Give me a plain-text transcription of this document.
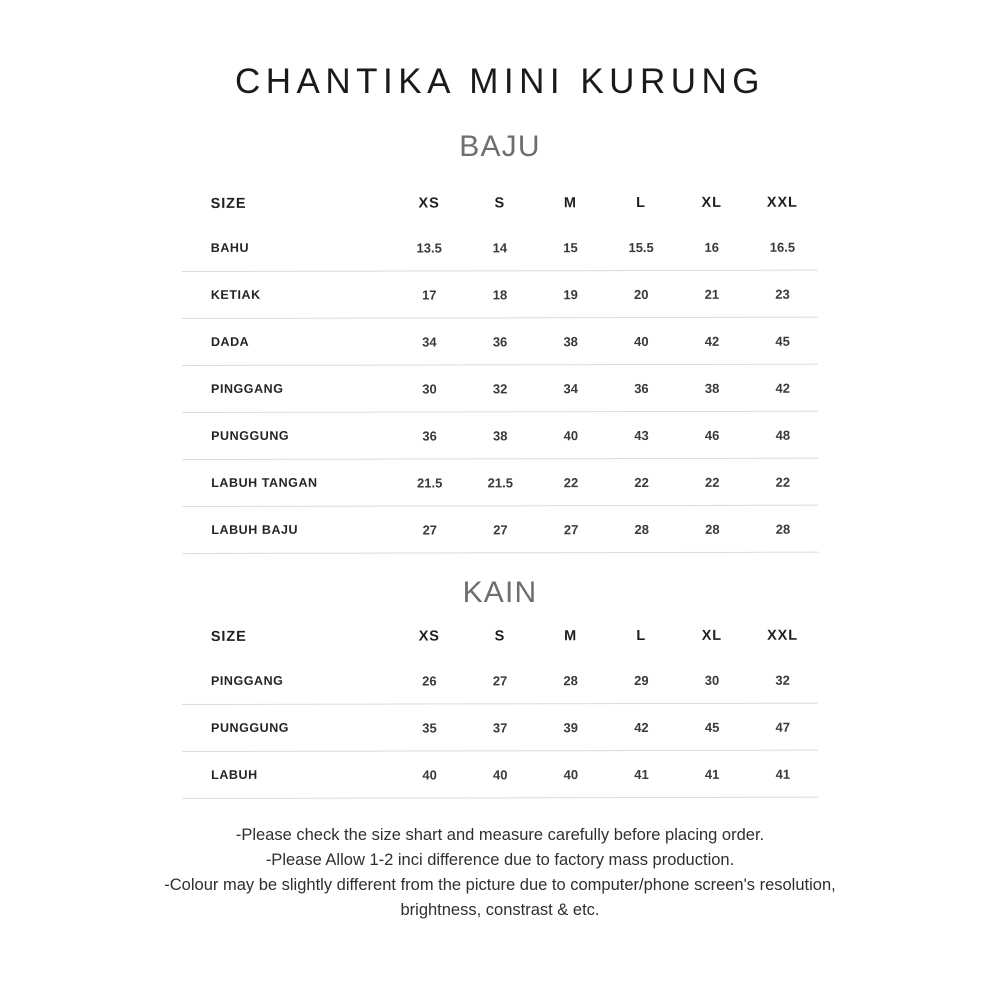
CHANTIKA MINI KURUNG
BAJU
SIZE	XS	S	M	L	XL	XXL
BAHU	13.5	14	15	15.5	16	16.5
KETIAK	17	18	19	20	21	23
DADA	34	36	38	40	42	45
PINGGANG	30	32	34	36	38	42
PUNGGUNG	36	38	40	43	46	48
LABUH TANGAN	21.5	21.5	22	22	22	22
LABUH BAJU	27	27	27	28	28	28
KAIN
SIZE	XS	S	M	L	XL	XXL
PINGGANG	26	27	28	29	30	32
PUNGGUNG	35	37	39	42	45	47
LABUH	40	40	40	41	41	41
-Please check the size shart and measure carefully before placing order.
-Please Allow 1-2 inci difference due to factory mass production.
-Colour may be slightly different from the picture due to computer/phone screen's resolution,
brightness, constrast & etc.
